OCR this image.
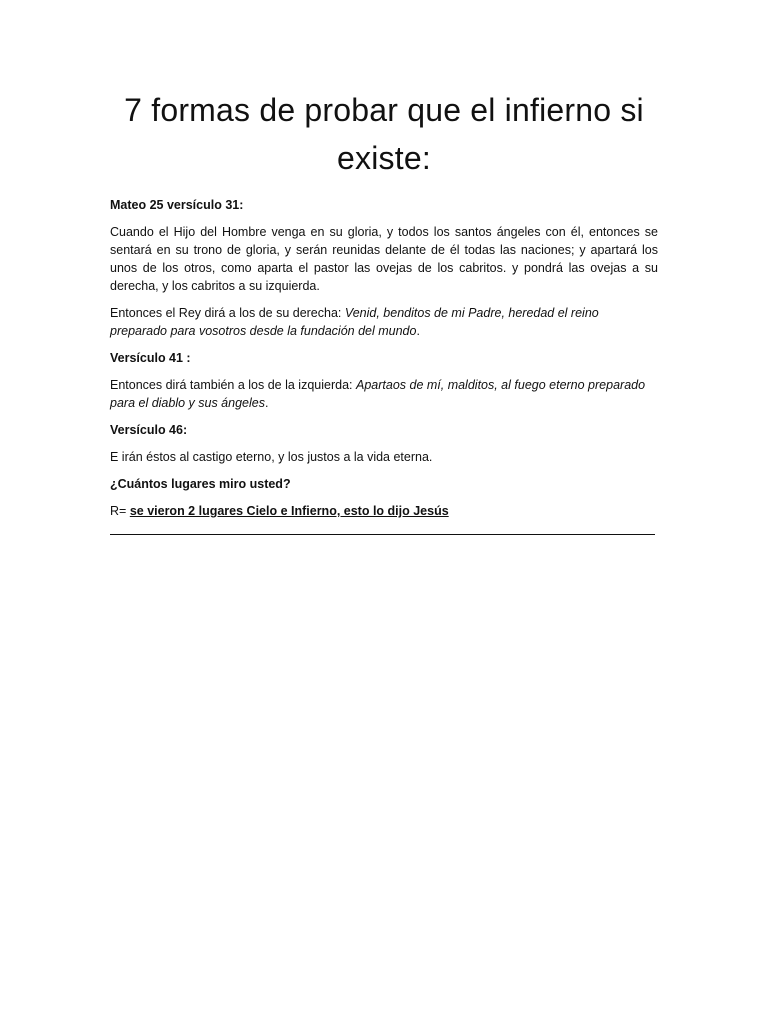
7 formas de probar que el infierno si existe:

Mateo 25 versículo 31:

Cuando el Hijo del Hombre venga en su gloria, y todos los santos ángeles con él, entonces se sentará en su trono de gloria, y serán reunidas delante de él todas las naciones; y apartará los unos de los otros, como aparta el pastor las ovejas de los cabritos. y pondrá las ovejas a su derecha, y los cabritos a su izquierda.

Entonces el Rey dirá a los de su derecha: Venid, benditos de mi Padre, heredad el reino preparado para vosotros desde la fundación del mundo.

Versículo 41 :

Entonces dirá también a los de la izquierda: Apartaos de mí, malditos, al fuego eterno preparado para el diablo y sus ángeles.

Versículo 46:

E irán éstos al castigo eterno, y los justos a la vida eterna.

¿Cuántos lugares miro usted?

R= se vieron 2 lugares Cielo e Infierno, esto lo dijo Jesús
